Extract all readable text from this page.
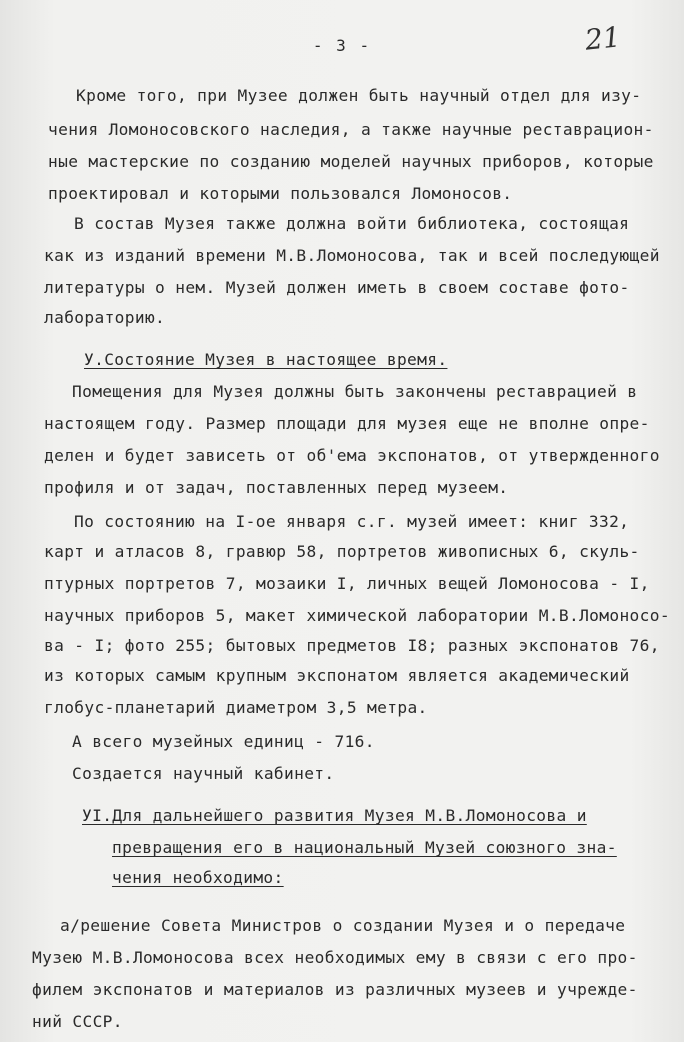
- 3 -	21
Кроме того, при Музее должен быть научный отдел для изу-
чения Ломоносовского наследия, а также научные реставрацион-
ные мастерские по созданию моделей научных приборов, которые
проектировал и которыми пользовался Ломоносов.
В состав Музея также должна войти библиотека, состоящая
как из изданий времени М.В.Ломоносова, так и всей последующей
литературы о нем. Музей должен иметь в своем составе фото-
лабораторию.
У.Состояние Музея в настоящее время.
Помещения для Музея должны быть закончены реставрацией в
настоящем году. Размер площади для музея еще не вполне опре-
делен и будет зависеть от об'ема экспонатов, от утвержденного
профиля и от задач, поставленных перед музеем.
По состоянию на I-ое января с.г. музей имеет: книг 332,
карт и атласов 8, гравюр 58, портретов живописных 6, скуль-
птурных портретов 7, мозаики I, личных вещей Ломоносова - I,
научных приборов 5, макет химической лаборатории М.В.Ломоносо-
ва - I; фото 255; бытовых предметов I8; разных экспонатов 76,
из которых самым крупным экспонатом является академический
глобус-планетарий диаметром 3,5 метра.
А всего музейных единиц - 716.
Создается научный кабинет.
УI.Для дальнейшего развития Музея М.В.Ломоносова и
превращения его в национальный Музей союзного зна-
чения необходимо:
а/решение Совета Министров о создании Музея и о передаче
Музею М.В.Ломоносова всех необходимых ему в связи с его про-
филем экспонатов и материалов из различных музеев и учрежде-
ний СССР.
